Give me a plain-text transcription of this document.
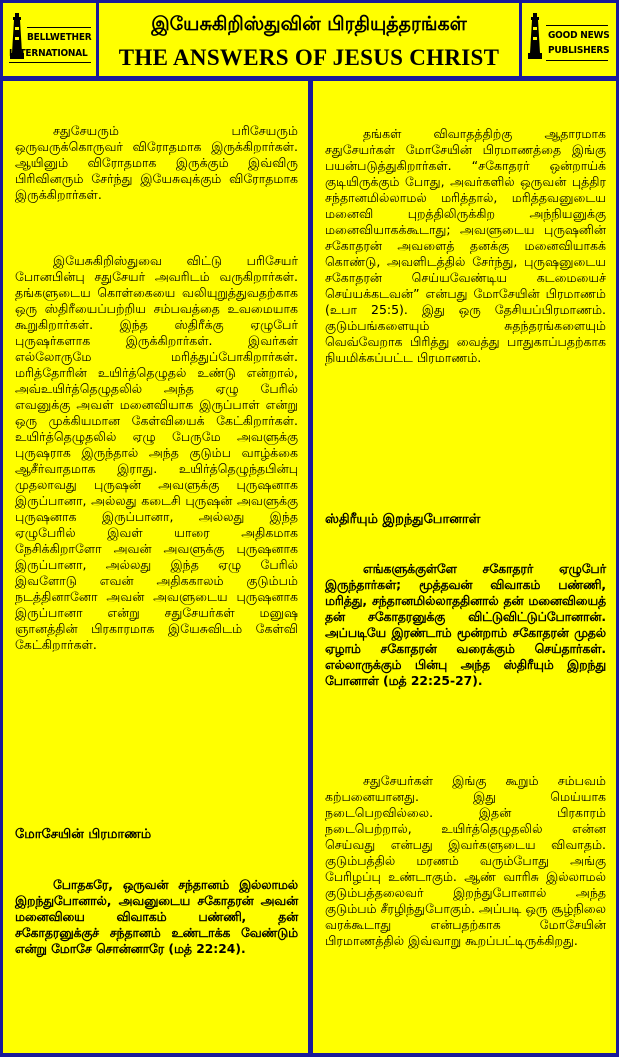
BELLWETHER
INTERNATIONAL
இயேசுகிறிஸ்துவின் பிரதியுத்தரங்கள்
THE ANSWERS OF JESUS CHRIST
GOOD NEWS
PUBLISHERS

சதுசேயரும் பரிசேயரும் ஒருவருக்கொருவர் விரோதமாக இருக்கிறார்கள். ஆயினும் விரோதமாக இருக்கும் இவ்விரு பிரிவினரும் சேர்ந்து இயேசுவுக்கும் விரோதமாக இருக்கிறார்கள்.

இயேசுகிறிஸ்துவை விட்டு பரிசேயர் போனபின்பு சதுசேயர் அவரிடம் வருகிறார்கள். தங்களுடைய கொள்கையை வலியுறுத்துவதற்காக ஒரு ஸ்திரீயைப்பற்றிய சம்பவத்தை உவமையாக கூறுகிறார்கள். இந்த ஸ்திரீக்கு ஏழுபேர் புருஷர்களாக இருக்கிறார்கள். இவர்கள் எல்லோருமே மரித்துப்போகிறார்கள். மரித்தோரின் உயிர்த்தெழுதல் உண்டு என்றால், அவ்உயிர்த்தெழுதலில் அந்த ஏழு பேரில் எவனுக்கு அவள் மனைவியாக இருப்பாள் என்று ஒரு முக்கியமான கேள்வியைக் கேட்கிறார்கள். உயிர்த்தெழுதலில் ஏழு பேருமே அவளுக்கு புருஷராக இருந்தால் அந்த குடும்ப வாழ்க்கை ஆசீர்வாதமாக இராது. உயிர்த்தெழுந்தபின்பு முதலாவது புருஷன் அவளுக்கு புருஷனாக இருப்பானா, அல்லது கடைசி புருஷன் அவளுக்கு புருஷனாக இருப்பானா, அல்லது இந்த ஏழுபேரில் இவள் யாரை அதிகமாக நேசிக்கிறாளோ அவன் அவளுக்கு புருஷனாக இருப்பானா, அல்லது இந்த ஏழு பேரில் இவளோடு எவன் அதிககாலம் குடும்பம் நடத்தினானோ அவன் அவளுடைய புருஷனாக இருப்பானா என்று சதுசேயர்கள் மனுஷ ஞானத்தின் பிரகாரமாக இயேசுவிடம் கேள்வி கேட்கிறார்கள்.

மோசேயின் பிரமாணம்

போதகரே, ஒருவன் சந்தானம் இல்லாமல் இறந்துபோனால், அவனுடைய சகோதரன் அவன் மனைவியை விவாகம் பண்ணி, தன் சகோதரனுக்குச் சந்தானம் உண்டாக்க வேண்டும் என்று மோசே சொன்னாரே (மத் 22:24).

தங்கள் விவாதத்திற்கு ஆதாரமாக சதுசேயர்கள் மோசேயின் பிரமாணத்தை இங்கு பயன்படுத்துகிறார்கள். “சகோதரர் ஒன்றாய்க் குடியிருக்கும் போது, அவர்களில் ஒருவன் புத்திர சந்தானமில்லாமல் மரித்தால், மரித்தவனுடைய மனைவி புறத்திலிருக்கிற அந்நியனுக்கு மனைவியாகக்கூடாது; அவளுடைய புருஷனின் சகோதரன் அவளைத் தனக்கு மனைவியாகக் கொண்டு, அவளிடத்தில் சேர்ந்து, புருஷனுடைய சகோதரன் செய்யவேண்டிய கடமையைச் செய்யக்கடவன்” என்பது மோசேயின் பிரமாணம் (உபா 25:5). இது ஒரு தேசியப்பிரமாணம். குடும்பங்களையும் சுதந்தரங்களையும் வெவ்வேறாக பிரித்து வைத்து பாதுகாப்பதற்காக நியமிக்கப்பட்ட பிரமாணம்.

ஸ்திரீயும் இறந்துபோனாள்

எங்களுக்குள்ளே சகோதரர் ஏழுபேர் இருந்தார்கள்; மூத்தவன் விவாகம் பண்ணி, மரித்து, சந்தானமில்லாததினால் தன் மனைவியைத் தன் சகோதரனுக்கு விட்டுவிட்டுப்போனான். அப்படியே இரண்டாம் மூன்றாம் சகோதரன் முதல் ஏழாம் சகோதரன் வரைக்கும் செய்தார்கள். எல்லாருக்கும் பின்பு அந்த ஸ்திரீயும் இறந்து போனாள் (மத் 22:25-27).

சதுசேயர்கள் இங்கு கூறும் சம்பவம் கற்பனையானது. இது மெய்யாக நடைபெறவில்லை. இதன் பிரகாரம் நடைபெற்றால், உயிர்த்தெழுதலில் என்ன செய்வது என்பது இவர்களுடைய விவாதம். குடும்பத்தில் மரணம் வரும்போது அங்கு பேரிழப்பு உண்டாகும். ஆண் வாரிசு இல்லாமல் குடும்பத்தலைவர் இறந்துபோனால் அந்த குடும்பம் சீரழிந்துபோகும். அப்படி ஒரு சூழ்நிலை வரக்கூடாது என்பதற்காக மோசேயின் பிரமாணத்தில் இவ்வாறு கூறப்பட்டிருக்கிறது.
